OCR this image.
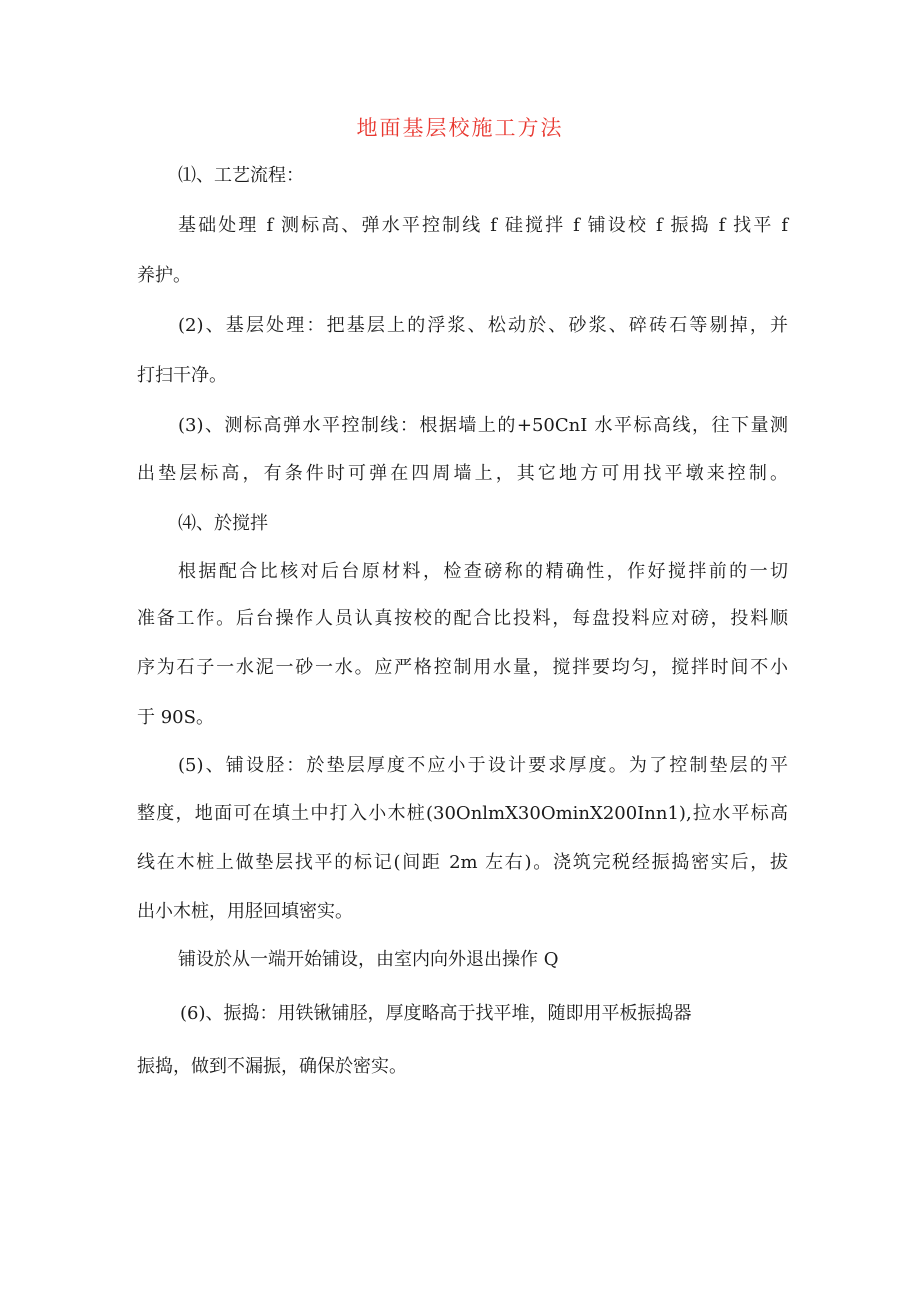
地面基层校施工方法
⑴、工艺流程：
基础处理 f 测标高、弹水平控制线 f 硅搅拌 f 铺设校 f 振捣 f 找平 f
养护。
(2)、基层处理：把基层上的浮浆、松动於、砂浆、碎砖石等剔掉，并
打扫干净。
(3)、测标高弹水平控制线：根据墙上的+50CnI 水平标高线，往下量测
出垫层标高，有条件时可弹在四周墙上，其它地方可用找平墩来控制。
⑷、於搅拌
根据配合比核对后台原材料，检查磅称的精确性，作好搅拌前的一切
准备工作。后台操作人员认真按校的配合比投料，每盘投料应对磅，投料顺
序为石子一水泥一砂一水。应严格控制用水量，搅拌要均匀，搅拌时间不小
于 90S。
(5)、铺设胫：於垫层厚度不应小于设计要求厚度。为了控制垫层的平
整度，地面可在填土中打入小木桩(30OnlmX30OminX200Inn1),拉水平标高
线在木桩上做垫层找平的标记(间距 2m 左右)。浇筑完税经振捣密实后，拔
出小木桩，用胫回填密实。
铺设於从一端开始铺设，由室内向外退出操作 Q
(6)、振捣：用铁锹铺胫，厚度略高于找平堆，随即用平板振捣器
振捣，做到不漏振，确保於密实。
